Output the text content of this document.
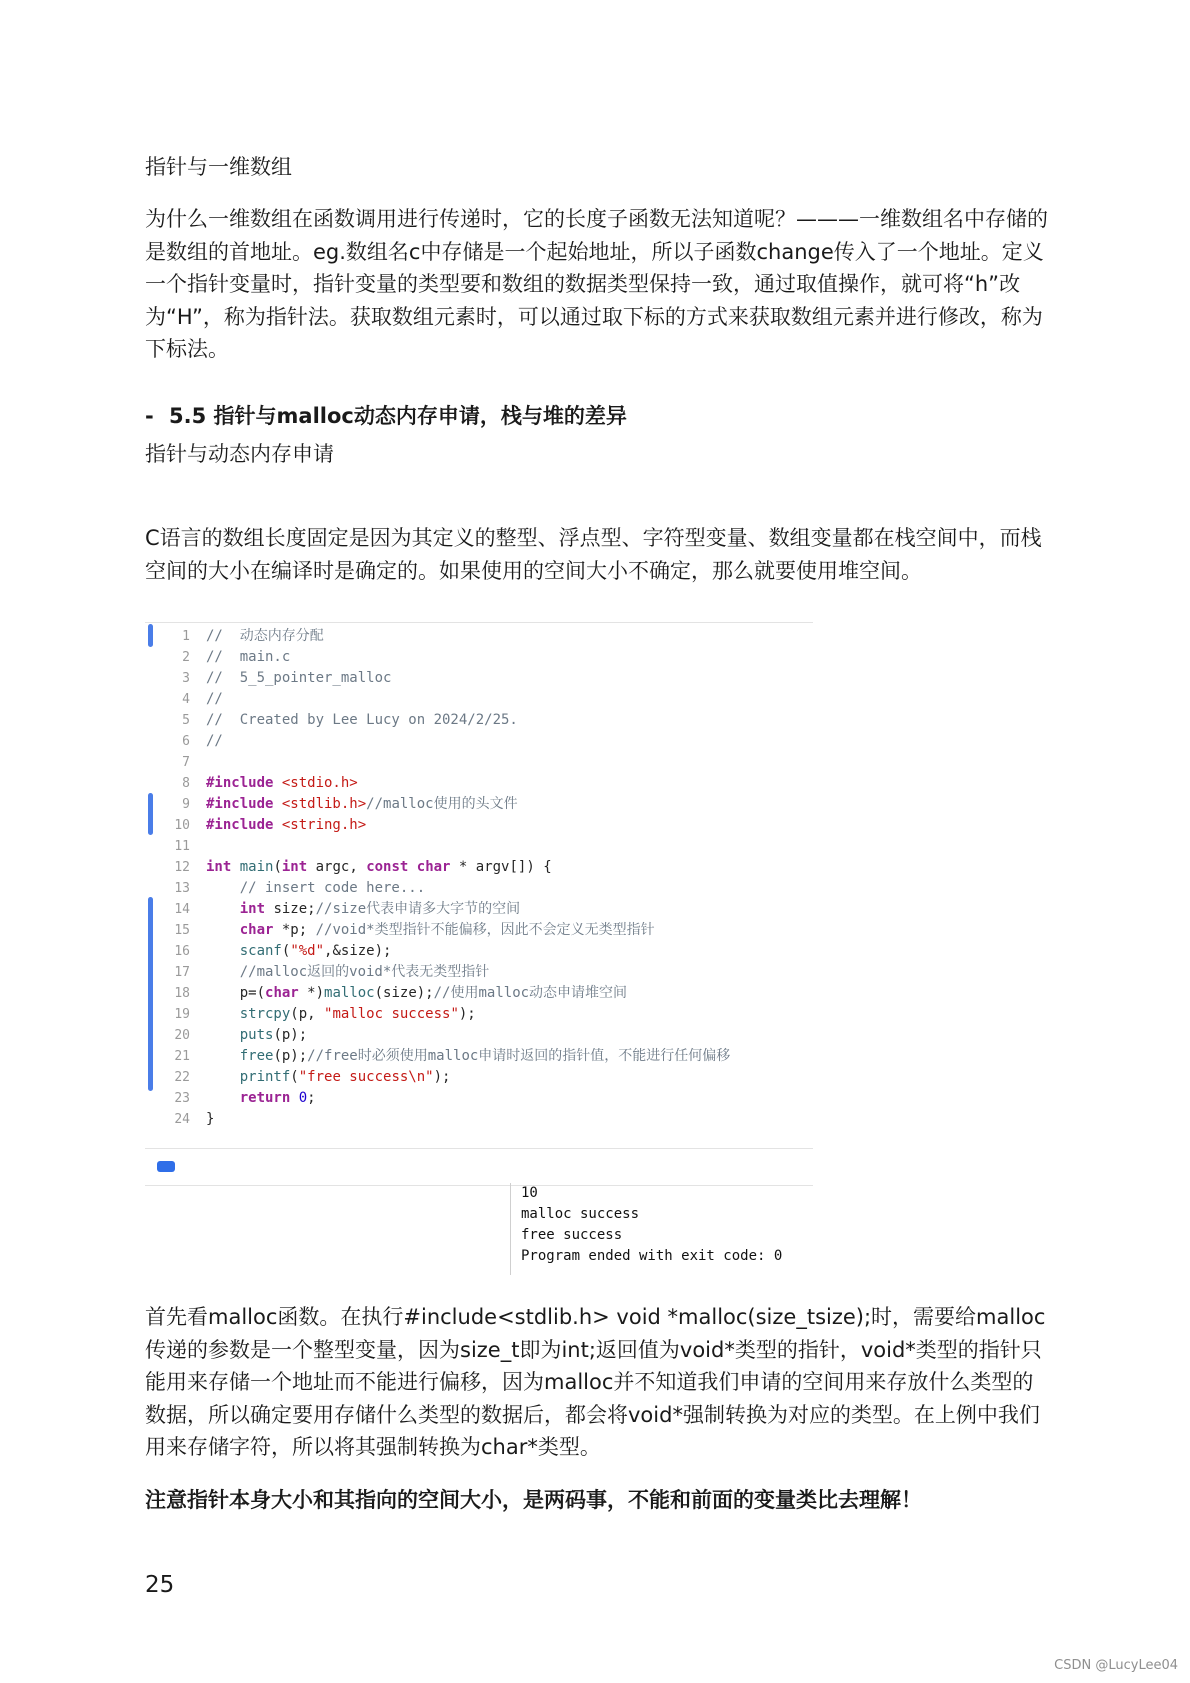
指针与一维数组
为什么一维数组在函数调用进行传递时，它的长度子函数无法知道呢？———一维数组名中存储的是数组的首地址。eg.数组名c中存储是一个起始地址，所以子函数change传入了一个地址。定义一个指针变量时，指针变量的类型要和数组的数据类型保持一致，通过取值操作，就可将“h”改为“H”，称为指针法。获取数组元素时，可以通过取下标的方式来获取数组元素并进行修改，称为下标法。
- 5.5 指针与malloc动态内存申请，栈与堆的差异
指针与动态内存申请
C语言的数组长度固定是因为其定义的整型、浮点型、字符型变量、数组变量都在栈空间中，而栈空间的大小在编译时是确定的。如果使用的空间大小不确定，那么就要使用堆空间。
1 //  动态内存分配
2 //  main.c
3 //  5_5_pointer_malloc
4 //
5 //  Created by Lee Lucy on 2024/2/25.
6 //
7
8 #include <stdio.h>
9 #include <stdlib.h>//malloc使用的头文件
10 #include <string.h>
11
12 int main(int argc, const char * argv[]) {
13 // insert code here...
14	int size;//size代表申请多大字节的空间
15	char *p; //void*类型指针不能偏移，因此不会定义无类型指针
16	scanf("%d",&size);
17 //malloc返回的void*代表无类型指针
18 p=(char *)malloc(size);//使用malloc动态申请堆空间
19	strcpy(p, "malloc success");
20	puts(p);
21	free(p);//free时必须使用malloc申请时返回的指针值，不能进行任何偏移
22	printf("free success\n");
23	return 0;
24 }
10
malloc success
free success
Program ended with exit code: 0
首先看malloc函数。在执行#include<stdlib.h> void *malloc(size_tsize);时，需要给malloc传递的参数是一个整型变量，因为size_t即为int;返回值为void*类型的指针，void*类型的指针只能用来存储一个地址而不能进行偏移，因为malloc并不知道我们申请的空间用来存放什么类型的数据，所以确定要用存储什么类型的数据后，都会将void*强制转换为对应的类型。在上例中我们用来存储字符，所以将其强制转换为char*类型。
注意指针本身大小和其指向的空间大小，是两码事，不能和前面的变量类比去理解！
25
CSDN @LucyLee04
